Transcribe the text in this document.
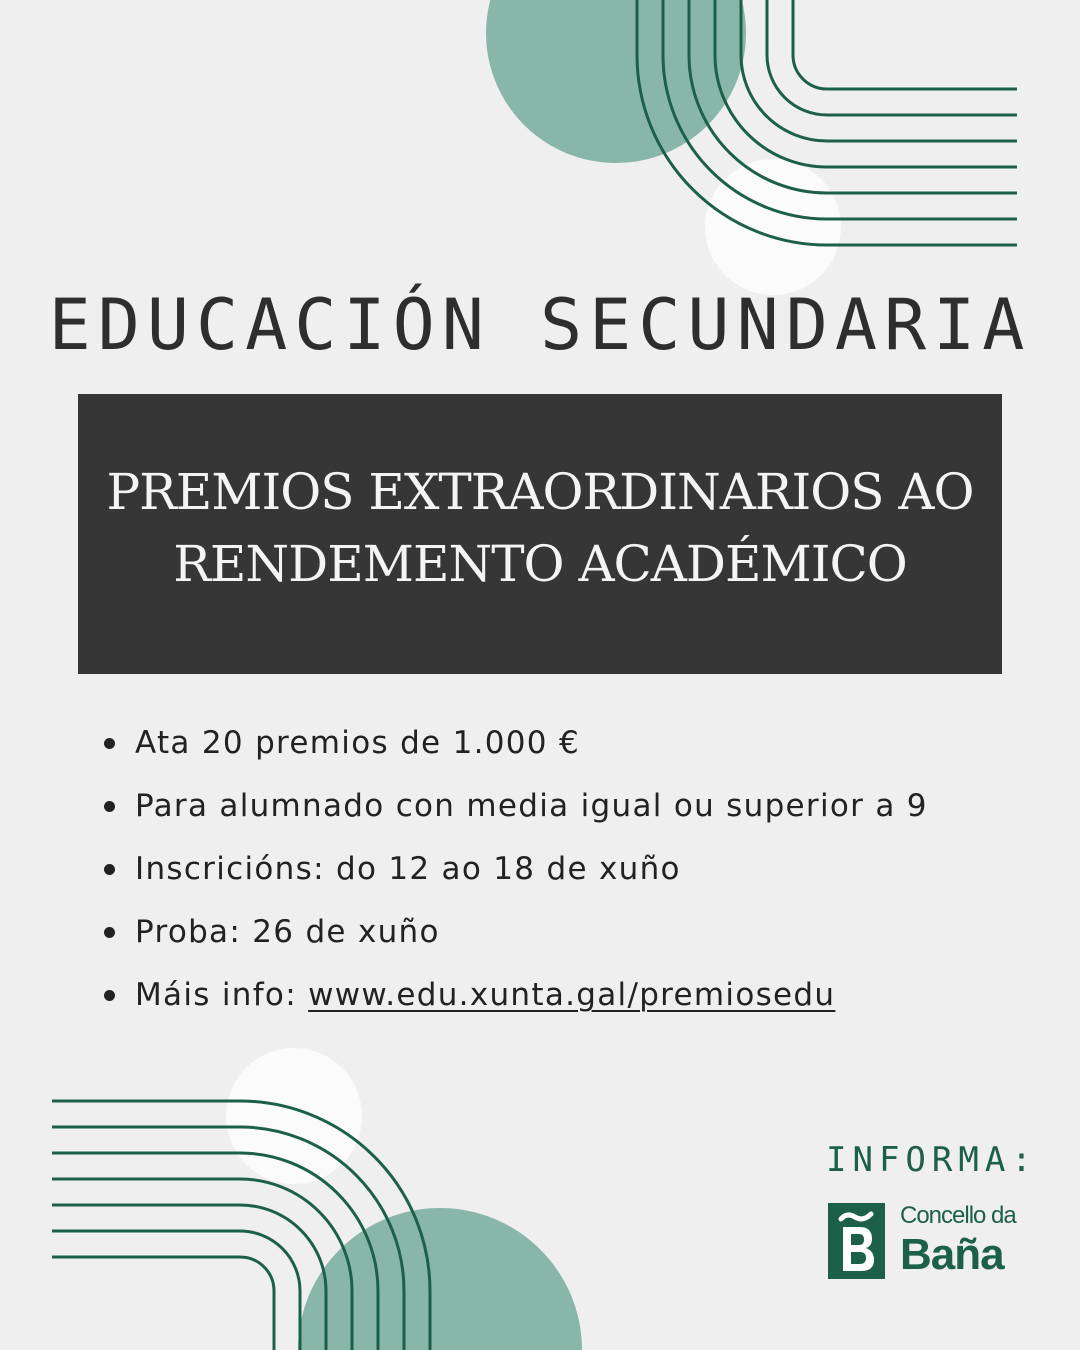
EDUCACIÓN SECUNDARIA
PREMIOS EXTRAORDINARIOS AO
RENDEMENTO ACADÉMICO
Ata 20 premios de 1.000 €
Para alumnado con media igual ou superior a 9
Inscricións: do 12 ao 18 de xuño
Proba: 26 de xuño
Máis info: www.edu.xunta.gal/premiosedu
INFORMA:
Concello da
Baña
